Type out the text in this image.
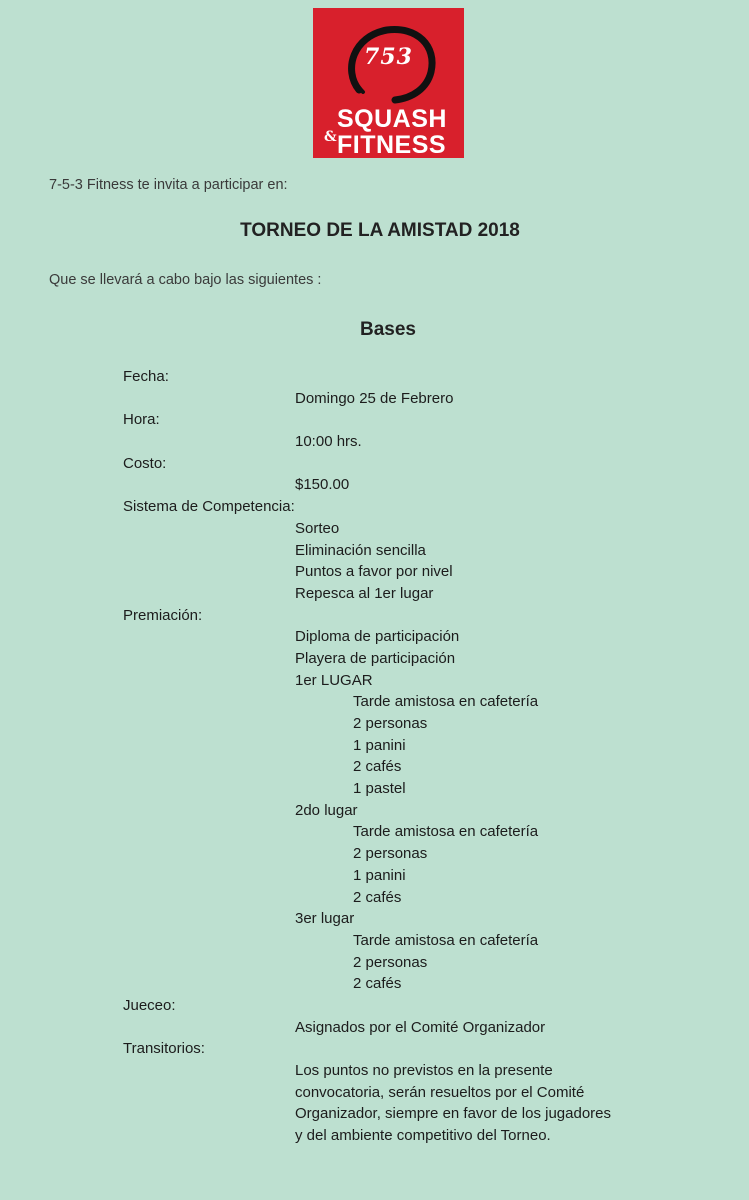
753
SQUASH
& FITNESS
7-5-3 Fitness te invita a participar en:
TORNEO DE LA AMISTAD 2018
Que se llevará a cabo bajo las siguientes :
Bases
Fecha:
Domingo 25 de Febrero
Hora:
10:00 hrs.
Costo:
$150.00
Sistema de Competencia:
Sorteo
Eliminación sencilla
Puntos a favor por nivel
Repesca al 1er lugar
Premiación:
Diploma de participación
Playera de participación
1er LUGAR
Tarde amistosa en cafetería
2 personas
1 panini
2 cafés
1 pastel
2do lugar
Tarde amistosa en cafetería
2 personas
1 panini
2 cafés
3er lugar
Tarde amistosa en cafetería
2 personas
2 cafés
Jueceo:
Asignados por el Comité Organizador
Transitorios:
Los puntos no previstos en la presente
convocatoria, serán resueltos por el Comité
Organizador, siempre en favor de los jugadores
y del ambiente competitivo del Torneo.
